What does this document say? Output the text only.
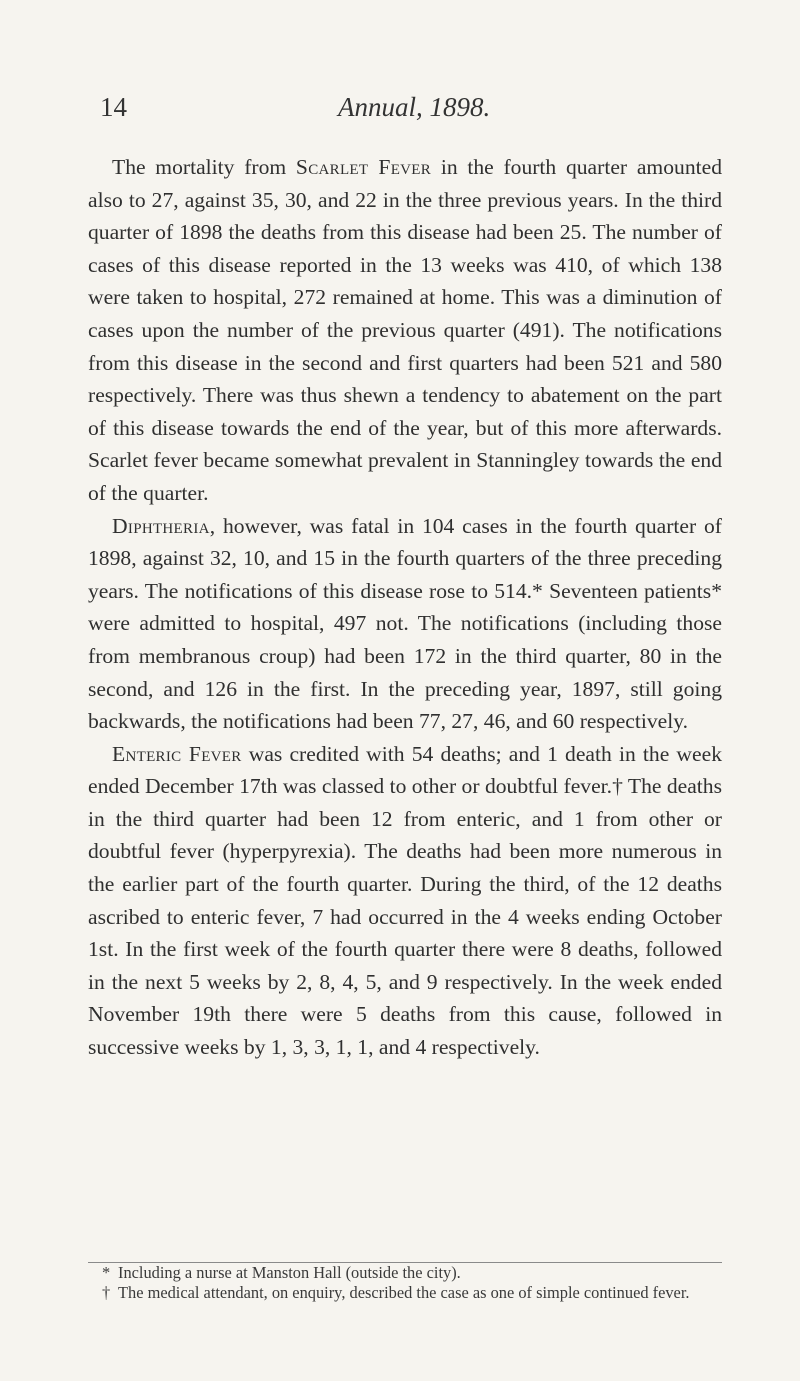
14	Annual, 1898.

The mortality from Scarlet Fever in the fourth quarter amounted also to 27, against 35, 30, and 22 in the three previous years. In the third quarter of 1898 the deaths from this disease had been 25. The number of cases of this disease reported in the 13 weeks was 410, of which 138 were taken to hospital, 272 remained at home. This was a diminution of cases upon the number of the previous quarter (491). The notifications from this disease in the second and first quarters had been 521 and 580 respectively. There was thus shewn a tendency to abatement on the part of this disease towards the end of the year, but of this more afterwards. Scarlet fever became somewhat prevalent in Stanningley towards the end of the quarter.

Diphtheria, however, was fatal in 104 cases in the fourth quarter of 1898, against 32, 10, and 15 in the fourth quarters of the three preceding years. The notifications of this disease rose to 514.* Seventeen patients* were admitted to hospital, 497 not. The notifications (including those from membranous croup) had been 172 in the third quarter, 80 in the second, and 126 in the first. In the preceding year, 1897, still going backwards, the notifications had been 77, 27, 46, and 60 respectively.

Enteric Fever was credited with 54 deaths; and 1 death in the week ended December 17th was classed to other or doubtful fever.† The deaths in the third quarter had been 12 from enteric, and 1 from other or doubtful fever (hyperpyrexia). The deaths had been more numerous in the earlier part of the fourth quarter. During the third, of the 12 deaths ascribed to enteric fever, 7 had occurred in the 4 weeks ending October 1st. In the first week of the fourth quarter there were 8 deaths, followed in the next 5 weeks by 2, 8, 4, 5, and 9 respectively. In the week ended November 19th there were 5 deaths from this cause, followed in successive weeks by 1, 3, 3, 1, 1, and 4 respectively.

* Including a nurse at Manston Hall (outside the city).

† The medical attendant, on enquiry, described the case as one of simple continued fever.
